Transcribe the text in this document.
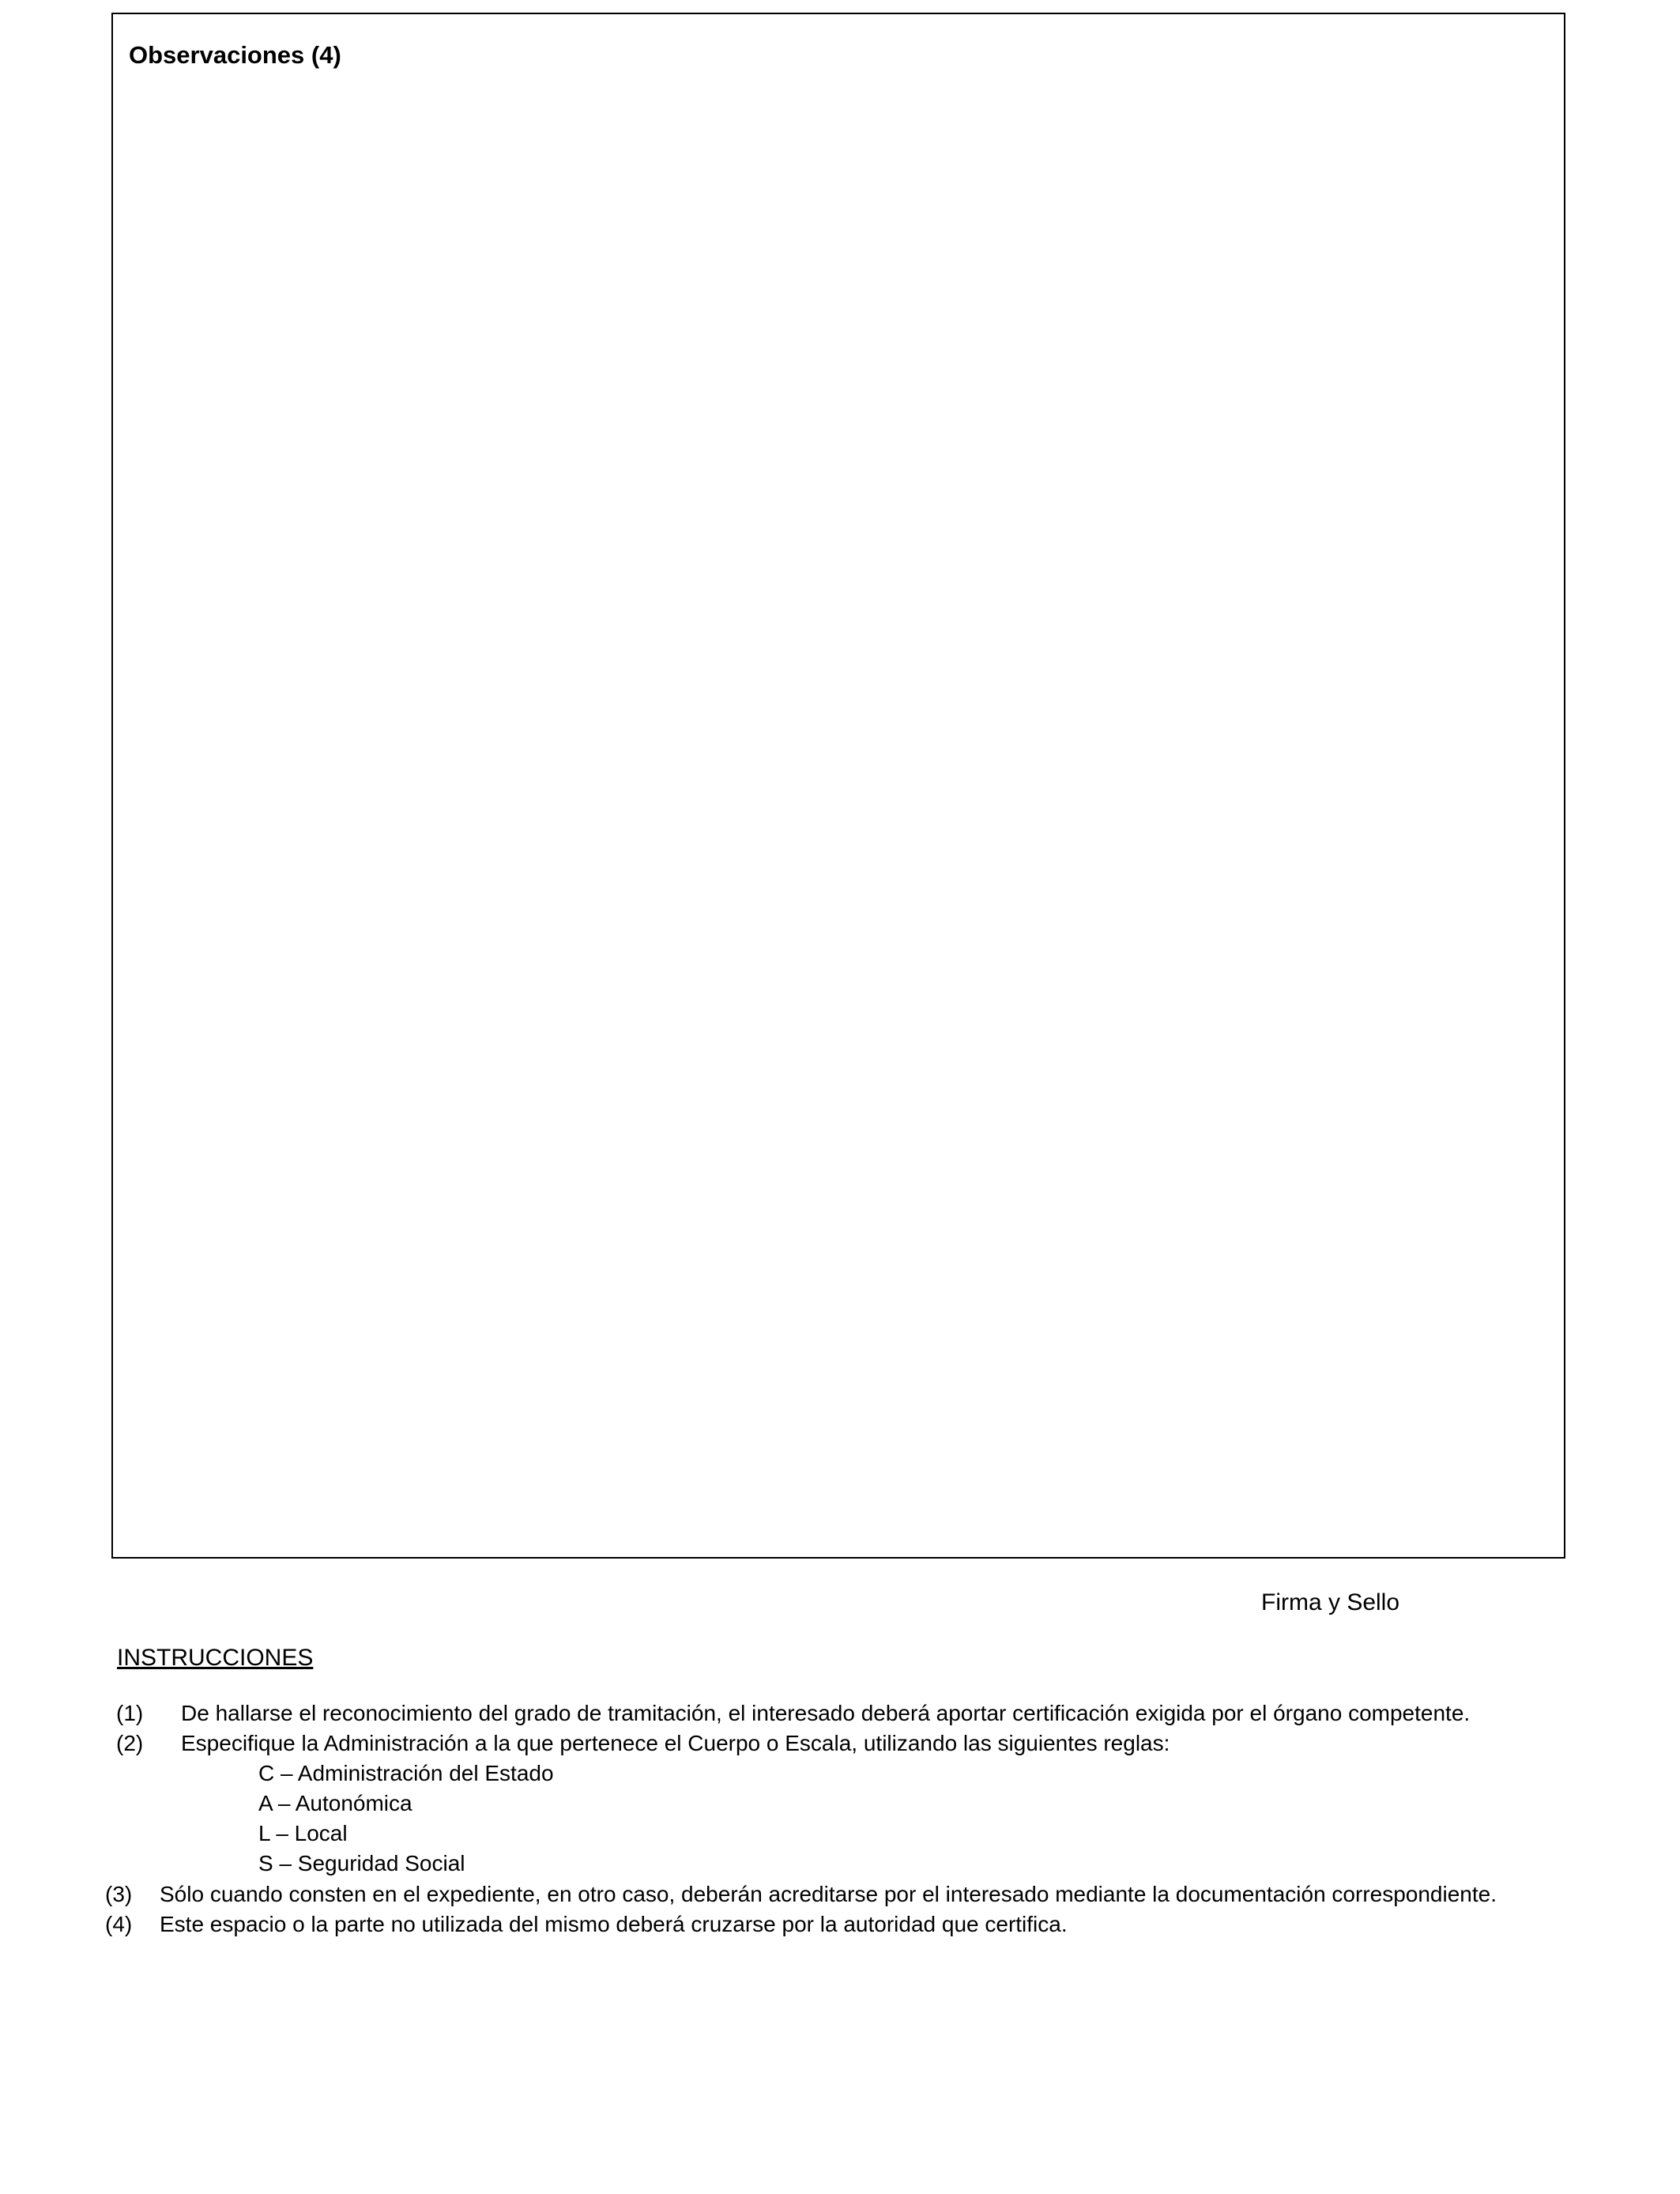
Observaciones (4)
Firma y Sello
INSTRUCCIONES
(1) De hallarse el reconocimiento del grado de tramitación, el interesado deberá aportar certificación exigida por el órgano competente.
(2) Especifique la Administración a la que pertenece el Cuerpo o Escala, utilizando las siguientes reglas:
C – Administración del Estado
A – Autonómica
L – Local
S – Seguridad Social
(3) Sólo cuando consten en el expediente, en otro caso, deberán acreditarse por el interesado mediante la documentación correspondiente.
(4) Este espacio o la parte no utilizada del mismo deberá cruzarse por la autoridad que certifica.
